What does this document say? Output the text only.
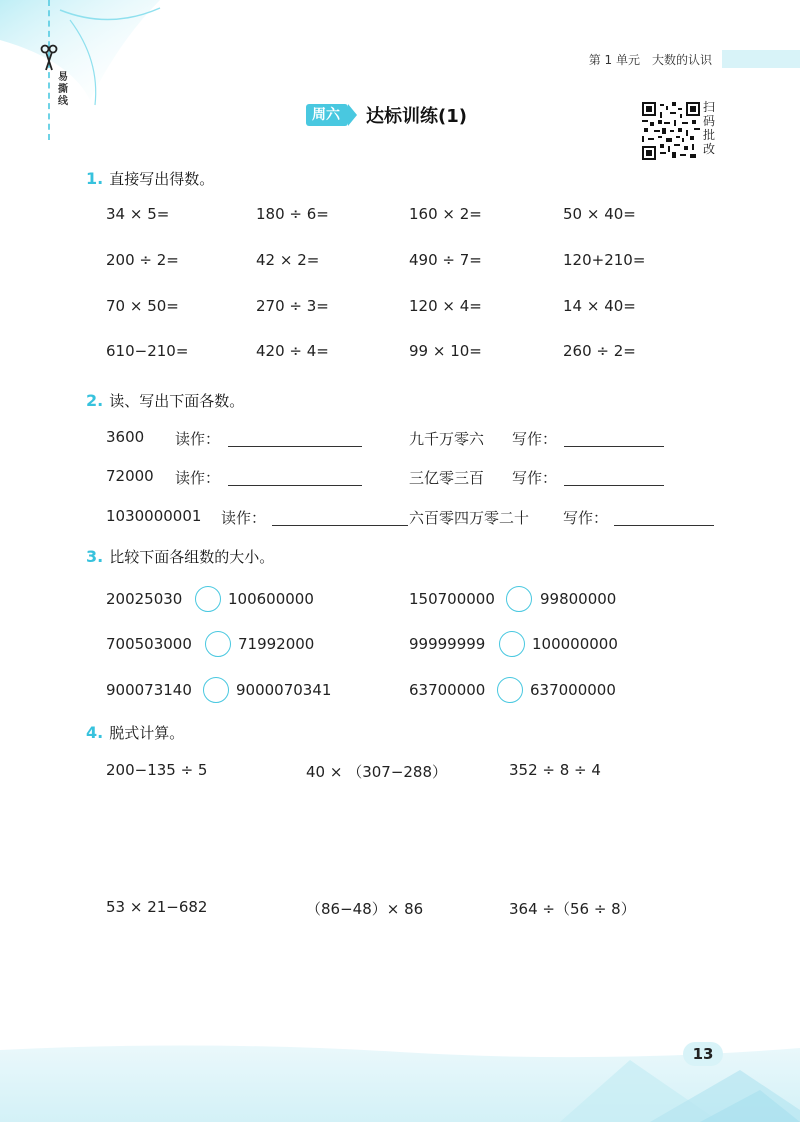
易撕线
第 1 单元　大数的认识
周六	达标训练(1)	扫码批改
1. 直接写出得数。
34 × 5=	180 ÷ 6=	160 × 2=	50 × 40=
200 ÷ 2=	42 × 2=	490 ÷ 7=	120+210=
70 × 50=	270 ÷ 3=	120 × 4=	14 × 40=
610−210=	420 ÷ 4=	99 × 10=	260 ÷ 2=
2. 读、写出下面各数。
3600 读作：	九千万零六 写作：
72000 读作：	三亿零三百 写作：
1030000001 读作：	六百零四万零二十 写作：
3. 比较下面各组数的大小。
20025030	100600000	150700000	99800000
700503000	71992000	99999999	100000000
900073140	9000070341	63700000	637000000
4. 脱式计算。
200−135 ÷ 5	40 × （307−288）	352 ÷ 8 ÷ 4
53 × 21−682	（86−48）× 86	364 ÷（56 ÷ 8）
13
